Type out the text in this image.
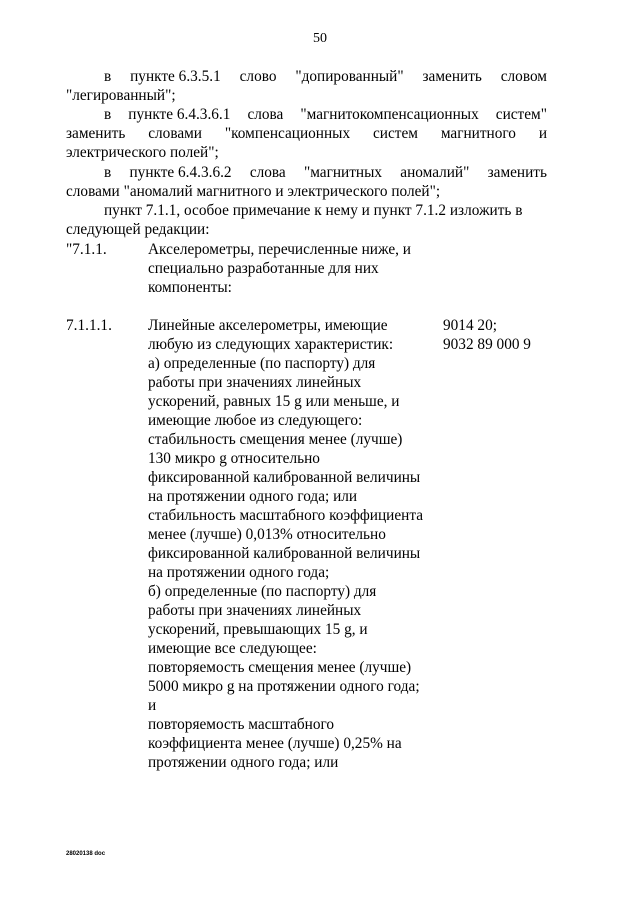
50
в пункте 6.3.5.1 слово "допированный" заменить словом
"легированный";
в пункте 6.4.3.6.1 слова "магнитокомпенсационных систем"
заменить словами "компенсационных систем магнитного и
электрического полей";
в пункте 6.4.3.6.2 слова "магнитных аномалий" заменить
словами "аномалий магнитного и электрического полей";
пункт 7.1.1, особое примечание к нему и пункт 7.1.2 изложить в
следующей редакции:
"7.1.1.	Акселерометры, перечисленные ниже, и
специально разработанные для них
компоненты:
7.1.1.1.	9014 20;
9032 89 000 9
Линейные акселерометры, имеющие
любую из следующих характеристик:
а) определенные (по паспорту) для
работы при значениях линейных
ускорений, равных 15 g или меньше, и
имеющие любое из следующего:
стабильность смещения менее (лучше)
130 микро g относительно
фиксированной калиброванной величины
на протяжении одного года; или
стабильность масштабного коэффициента
менее (лучше) 0,013% относительно
фиксированной калиброванной величины
на протяжении одного года;
б) определенные (по паспорту) для
работы при значениях линейных
ускорений, превышающих 15 g, и
имеющие все следующее:
повторяемость смещения менее (лучше)
5000 микро g на протяжении одного года;
и
повторяемость масштабного
коэффициента менее (лучше) 0,25% на
протяжении одного года; или
28020138 doc
